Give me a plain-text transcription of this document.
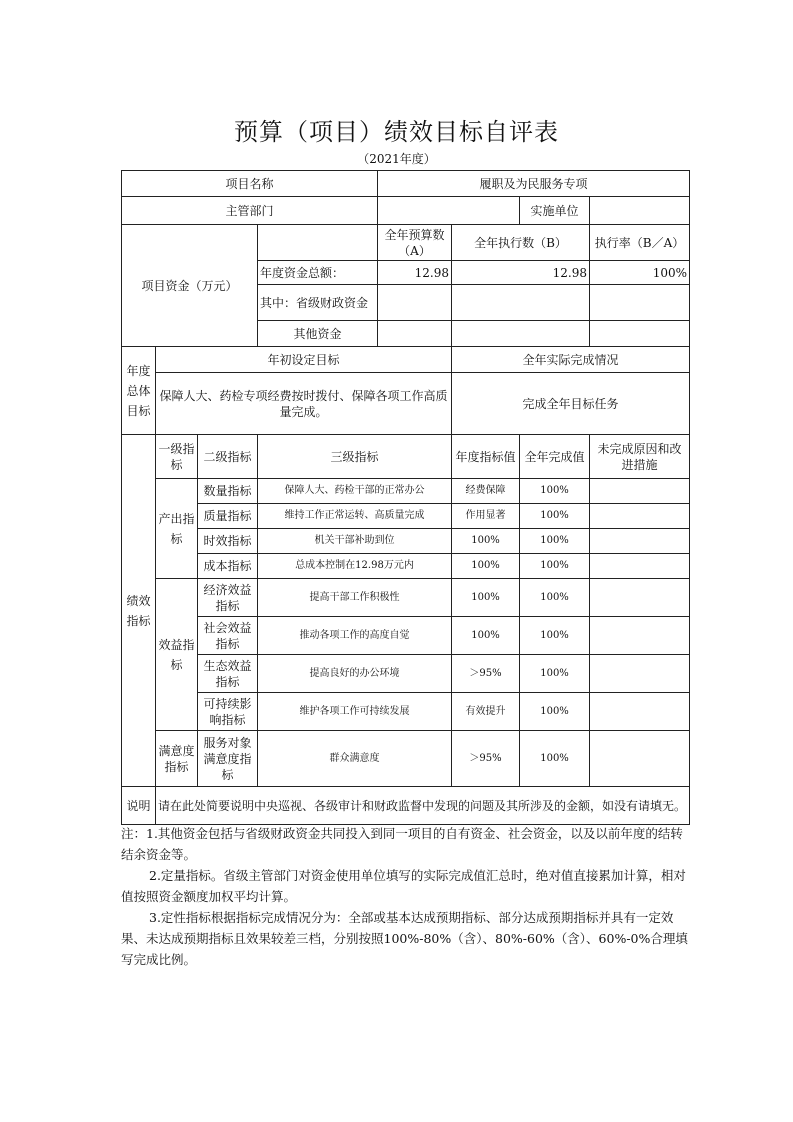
预算（项目）绩效目标自评表
（2021年度）
项目名称				履职及为民服务专项			
主管部门						实施单位	
项目资金（万元）				全年预算数（A）	全年执行数（B）		执行率（B／A）
			年度资金总额：	12.98	12.98		100%
			其中：省级财政资金				
			其他资金				
年度总体目标	年初设定目标				全年实际完成情况		
	保障人大、药检专项经费按时拨付、保障各项工作高质量完成。				完成全年目标任务		
绩效指标	一级指标	二级指标	三级指标		年度指标值	全年完成值	未完成原因和改进措施
	产出指标	数量指标	保障人大、药检干部的正常办公		经费保障	100%	
		质量指标	维持工作正常运转、高质量完成		作用显著	100%	
		时效指标	机关干部补助到位		100%	100%	
		成本指标	总成本控制在12.98万元内		100%	100%	
	效益指标	经济效益指标	提高干部工作积极性		100%	100%	
		社会效益指标	推动各项工作的高度自觉		100%	100%	
		生态效益指标	提高良好的办公环境		＞95%	100%	
		可持续影响指标	维护各项工作可持续发展		有效提升	100%	
	满意度指标	服务对象满意度指标	群众满意度		＞95%	100%	
说明	请在此处简要说明中央巡视、各级审计和财政监督中发现的问题及其所涉及的金额，如没有请填无。						

注：1.其他资金包括与省级财政资金共同投入到同一项目的自有资金、社会资金，以及以前年度的结转结余资金等。

2.定量指标。省级主管部门对资金使用单位填写的实际完成值汇总时，绝对值直接累加计算，相对值按照资金额度加权平均计算。

3.定性指标根据指标完成情况分为：全部或基本达成预期指标、部分达成预期指标并具有一定效果、未达成预期指标且效果较差三档，分别按照100%-80%（含）、80%-60%（含）、60%-0%合理填写完成比例。
